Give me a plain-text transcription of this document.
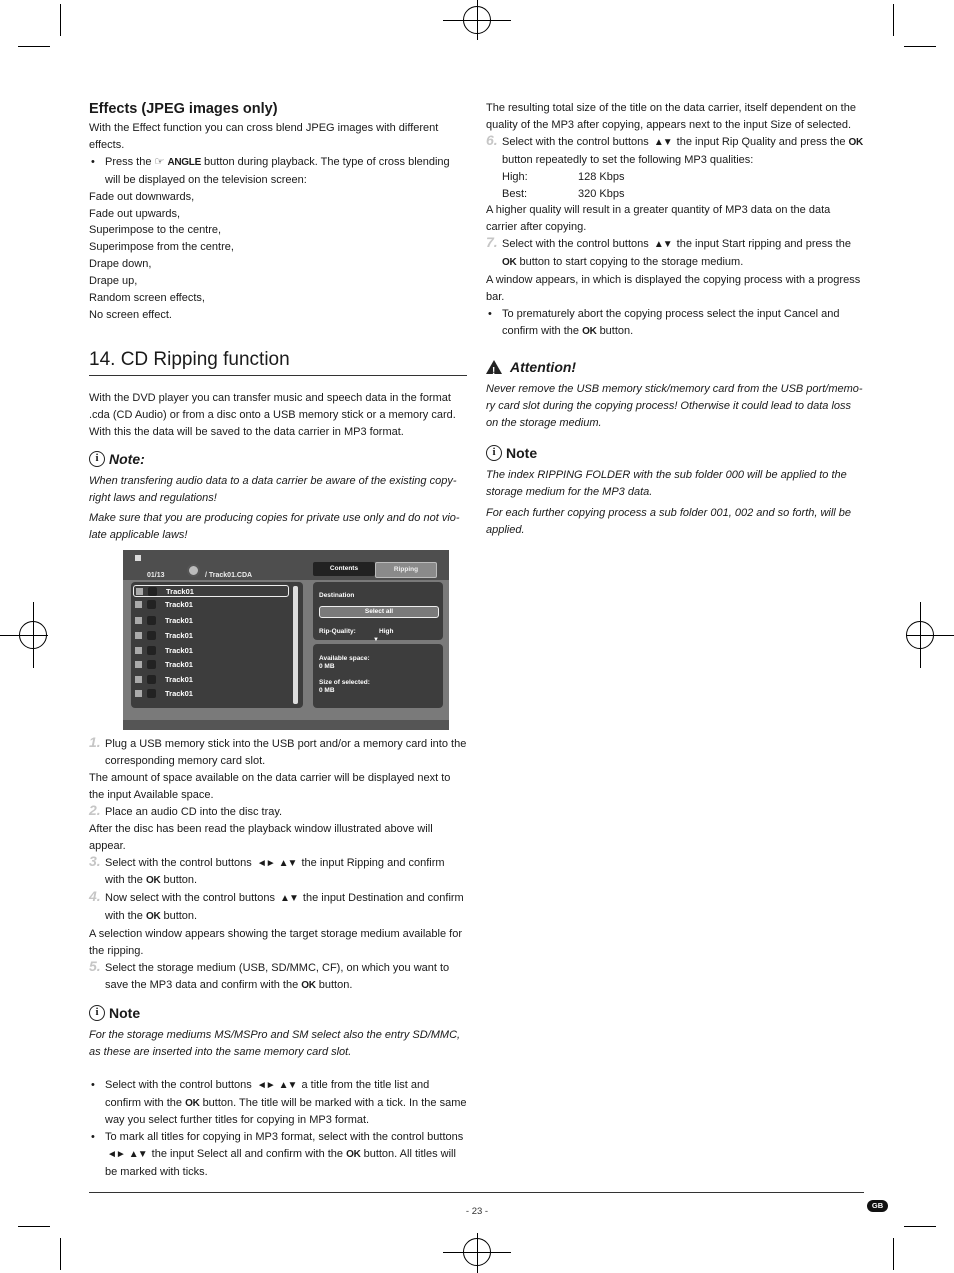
Effects (JPEG images only)

With the Effect function you can cross blend JPEG images with different effects.

• Press the ☞ ANGLE button during playback. The type of cross blending will be displayed on the television screen:

Fade out downwards,

Fade out upwards,

Superimpose to the centre,

Superimpose from the centre,

Drape down,

Drape up,

Random screen effects,

No screen effect.

14. CD Ripping function

With the DVD player you can transfer music and speech data in the format .cda (CD Audio) or from a disc onto a USB memory stick or a memory card. With this the data will be saved to the data carrier in MP3 format.

i Note:

When transfering audio data to a data carrier be aware of the existing copy-right laws and regulations!

Make sure that you are producing copies for private use only and do not vio-late applicable laws!

01/13	/ Track01.CDA
Contents	Ripping
Track01
Track01
Track01
Track01
Track01
Track01
Track01
Track01
Destination
Select all
Rip-Quality:	High
▼
Available space:
0 MB
Size of selected:
0 MB

1. Plug a USB memory stick into the USB port and/or a memory card into the corresponding memory card slot.

The amount of space available on the data carrier will be displayed next to the input Available space.

2. Place an audio CD into the disc tray.

After the disc has been read the playback window illustrated above will appear.

3. Select with the control buttons ◄► ▲▼ the input Ripping and confirm with the OK button.

4. Now select with the control buttons ▲▼ the input Destination and confirm with the OK button.

A selection window appears showing the target storage medium available for the ripping.

5. Select the storage medium (USB, SD/MMC, CF), on which you want to save the MP3 data and confirm with the OK button.

i Note

For the storage mediums MS/MSPro and SM select also the entry SD/MMC, as these are inserted into the same memory card slot.

• Select with the control buttons ◄► ▲▼ a title from the title list and confirm with the OK button. The title will be marked with a tick. In the same way you select further titles for copying in MP3 format.

• To mark all titles for copying in MP3 format, select with the control buttons ◄► ▲▼ the input Select all and confirm with the OK button. All titles will be marked with ticks.

The resulting total size of the title on the data carrier, itself dependent on the quality of the MP3 after copying, appears next to the input Size of selected.

6. Select with the control buttons ▲▼ the input Rip Quality and press the OK button repeatedly to set the following MP3 qualities:

High:	128 Kbps

Best:	320 Kbps

A higher quality will result in a greater quantity of MP3 data on the data carrier after copying.

7. Select with the control buttons ▲▼ the input Start ripping and press the OK button to start copying to the storage medium.

A window appears, in which is displayed the copying process with a progress bar.

• To prematurely abort the copying process select the input Cancel and confirm with the OK button.

!
Attention!

Never remove the USB memory stick/memory card from the USB port/memo-ry card slot during the copying process! Otherwise it could lead to data loss on the storage medium.

i Note

The index RIPPING FOLDER with the sub folder 000 will be applied to the storage medium for the MP3 data.

For each further copying process a sub folder 001, 002 and so forth, will be applied.

- 23 -
GB
